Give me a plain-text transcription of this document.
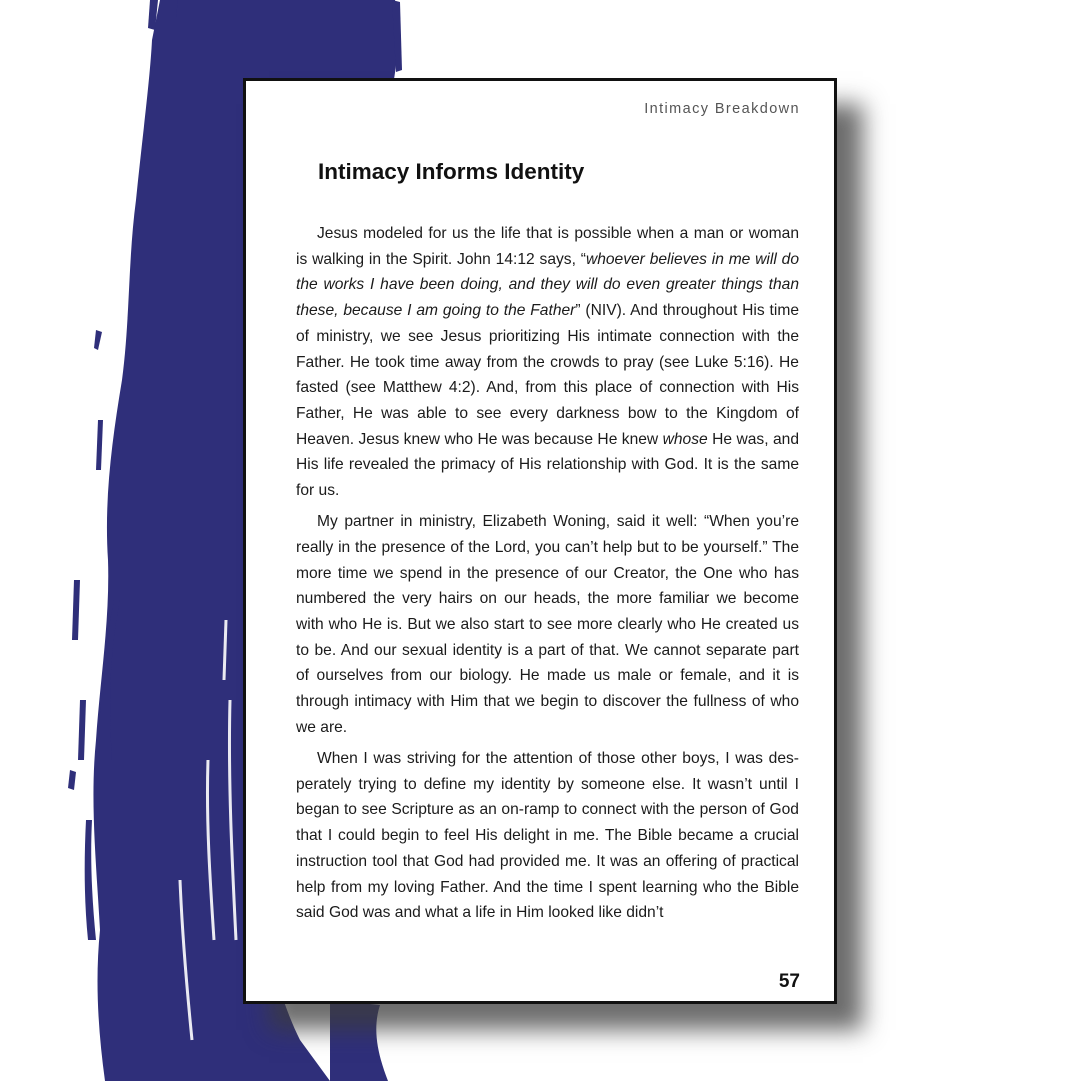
Intimacy Breakdown
Intimacy Informs Identity

Jesus modeled for us the life that is possible when a man or woman is walking in the Spirit. John 14:12 says, “whoever believes in me will do the works I have been doing, and they will do even greater things than these, because I am going to the Father” (NIV). And throughout His time of ministry, we see Jesus prioritizing His intimate connection with the Father. He took time away from the crowds to pray (see Luke 5:16). He fasted (see Matthew 4:2). And, from this place of connection with His Father, He was able to see every darkness bow to the Kingdom of Heaven. Jesus knew who He was because He knew whose He was, and His life revealed the primacy of His relationship with God. It is the same for us.

My partner in ministry, Elizabeth Woning, said it well: “When you’re really in the presence of the Lord, you can’t help but to be yourself.” The more time we spend in the presence of our Creator, the One who has numbered the very hairs on our heads, the more familiar we become with who He is. But we also start to see more clearly who He created us to be. And our sexual identity is a part of that. We cannot separate part of ourselves from our biology. He made us male or female, and it is through intimacy with Him that we begin to discover the fullness of who we are.

When I was striving for the attention of those other boys, I was desperately trying to define my identity by someone else. It wasn’t until I began to see Scripture as an on-ramp to connect with the person of God that I could begin to feel His delight in me. The Bible became a crucial instruction tool that God had provided me. It was an offering of practical help from my loving Father. And the time I spent learning who the Bible said God was and what a life in Him looked like didn’t

57
